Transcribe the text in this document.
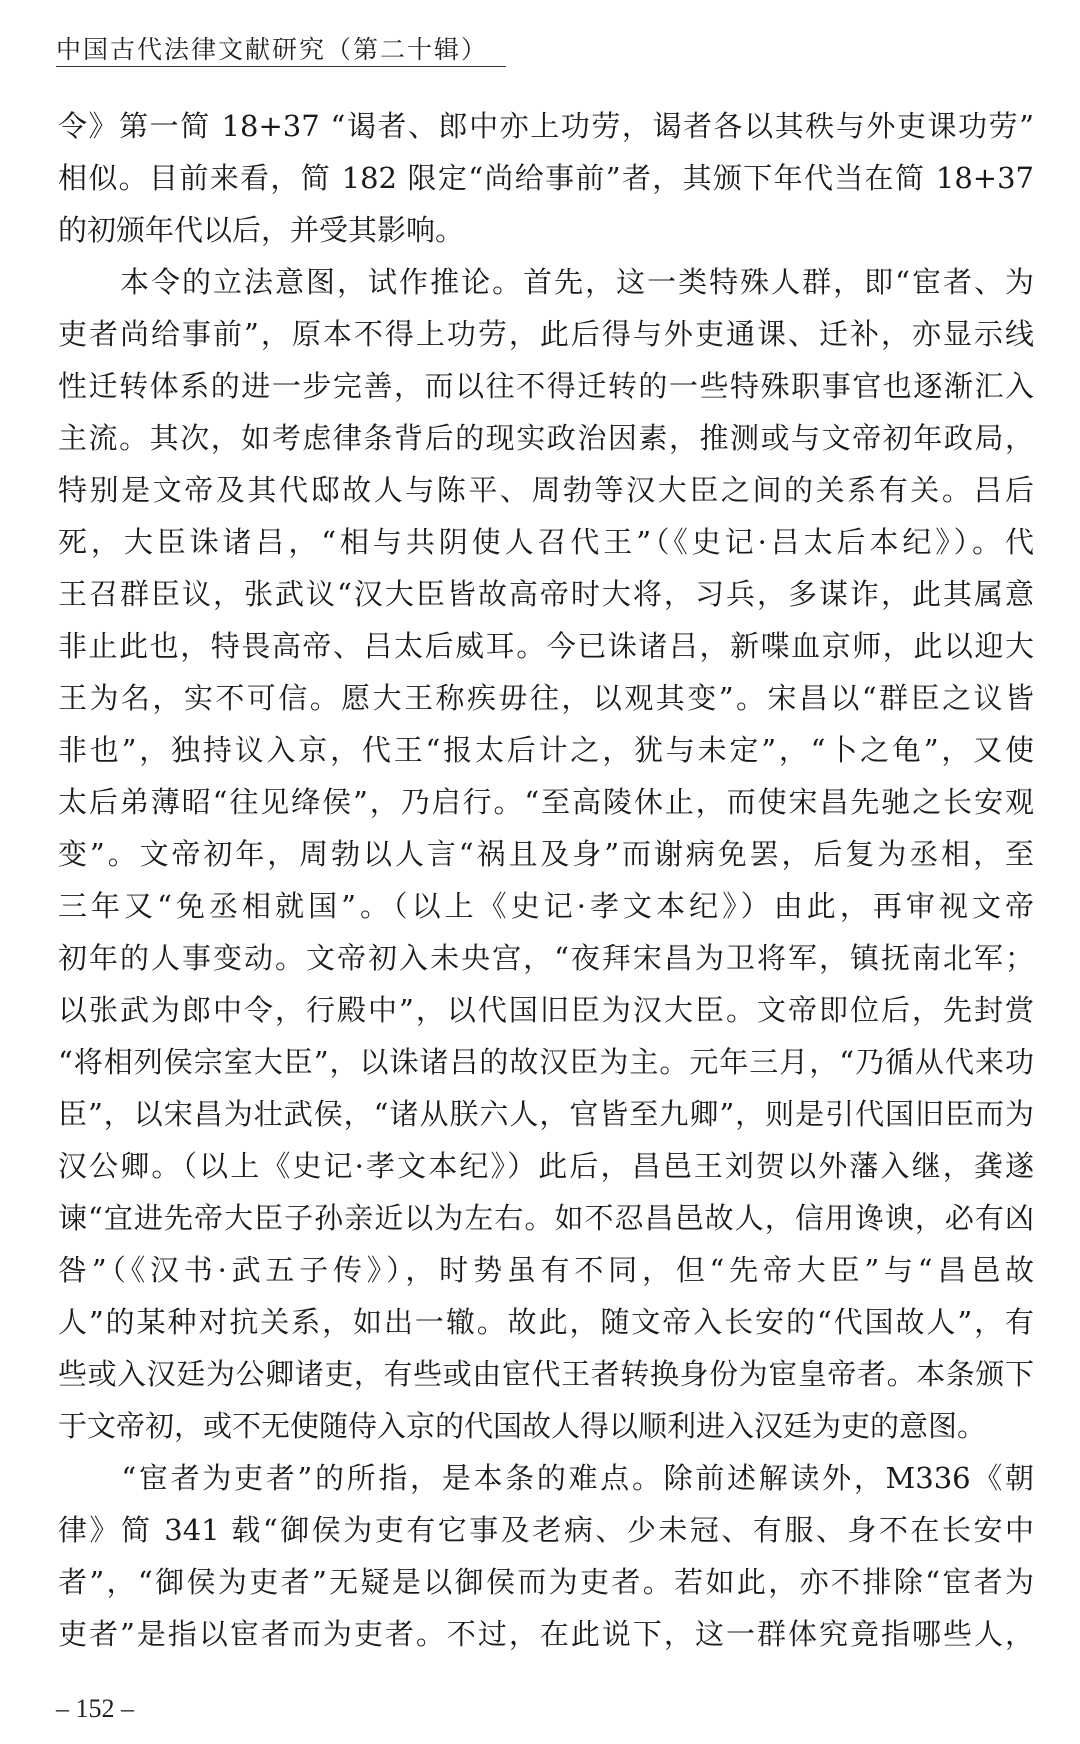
中国古代法律文献研究（第二十辑）
令》第一简 18+37 “谒者、郎中亦上功劳，谒者各以其秩与外吏课功劳”
相似。目前来看，简 182 限定“尚给事前”者，其颁下年代当在简 18+37
的初颁年代以后，并受其影响。
　　本令的立法意图，试作推论。首先，这一类特殊人群，即“宦者、为
吏者尚给事前”，原本不得上功劳，此后得与外吏通课、迁补，亦显示线
性迁转体系的进一步完善，而以往不得迁转的一些特殊职事官也逐渐汇入
主流。其次，如考虑律条背后的现实政治因素，推测或与文帝初年政局，
特别是文帝及其代邸故人与陈平、周勃等汉大臣之间的关系有关。吕后
死，大臣诛诸吕，“相与共阴使人召代王”（《史记·吕太后本纪》）。代
王召群臣议，张武议“汉大臣皆故高帝时大将，习兵，多谋诈，此其属意
非止此也，特畏高帝、吕太后威耳。今已诛诸吕，新喋血京师，此以迎大
王为名，实不可信。愿大王称疾毋往，以观其变”。宋昌以“群臣之议皆
非也”，独持议入京，代王“报太后计之，犹与未定”，“卜之龟”，又使
太后弟薄昭“往见绛侯”，乃启行。“至高陵休止，而使宋昌先驰之长安观
变”。文帝初年，周勃以人言“祸且及身”而谢病免罢，后复为丞相，至
三年又“免丞相就国”。（以上《史记·孝文本纪》）由此，再审视文帝
初年的人事变动。文帝初入未央宫，“夜拜宋昌为卫将军，镇抚南北军；
以张武为郎中令，行殿中”，以代国旧臣为汉大臣。文帝即位后，先封赏
“将相列侯宗室大臣”，以诛诸吕的故汉臣为主。元年三月，“乃循从代来功
臣”，以宋昌为壮武侯，“诸从朕六人，官皆至九卿”，则是引代国旧臣而为
汉公卿。（以上《史记·孝文本纪》）此后，昌邑王刘贺以外藩入继，龚遂
谏“宜进先帝大臣子孙亲近以为左右。如不忍昌邑故人，信用谗谀，必有凶
咎”（《汉书·武五子传》），时势虽有不同，但“先帝大臣”与“昌邑故
人”的某种对抗关系，如出一辙。故此，随文帝入长安的“代国故人”，有
些或入汉廷为公卿诸吏，有些或由宦代王者转换身份为宦皇帝者。本条颁下
于文帝初，或不无使随侍入京的代国故人得以顺利进入汉廷为吏的意图。
　　“宦者为吏者”的所指，是本条的难点。除前述解读外，M336《朝
律》简 341 载“御侯为吏有它事及老病、少未冠、有服、身不在长安中
者”，“御侯为吏者”无疑是以御侯而为吏者。若如此，亦不排除“宦者为
吏者”是指以宦者而为吏者。不过，在此说下，这一群体究竟指哪些人，
– 152 –
